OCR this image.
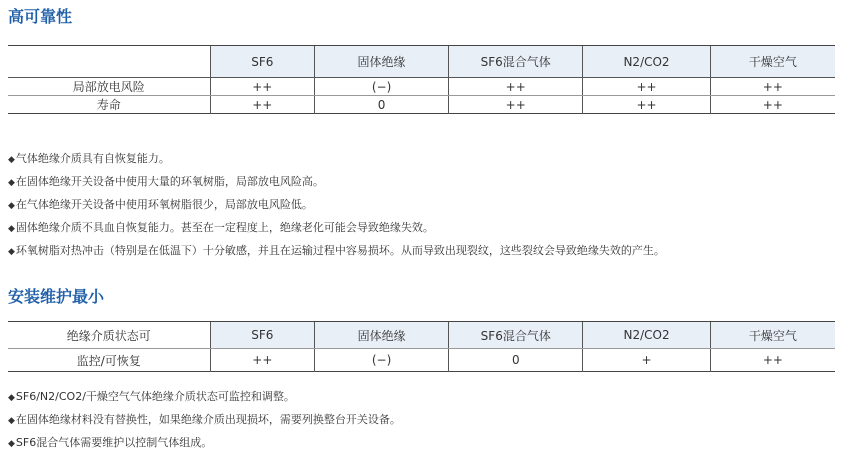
高可靠性
	SF6	固体绝缘	SF6混合气体	N2/CO2	干燥空气
局部放电风险	++	(−)	++	++	++
寿命	++	0	++	++	++
◆气体绝缘介质具有自恢复能力。
◆在固体绝缘开关设备中使用大量的环氧树脂，局部放电风险高。
◆在气体绝缘开关设备中使用环氧树脂很少，局部放电风险低。
◆固体绝缘介质不具血自恢复能力。甚至在一定程度上，绝缘老化可能会导致绝缘失效。
◆环氧树脂对热冲击（特别是在低温下）十分敏感，并且在运输过程中容易损坏。从而导致出现裂纹，这些裂纹会导致绝缘失效的产生。
安装维护最小
绝缘介质状态可	SF6	固体绝缘	SF6混合气体	N2/CO2	干燥空气
监控/可恢复	++	(−)	0	+	++
◆SF6/N2/CO2/干燥空气气体绝缘介质状态可监控和调整。
◆在固体绝缘材料没有替换性，如果绝缘介质出现损坏，需要列换整台开关设备。
◆SF6混合气体需要维护以控制气体组成。
